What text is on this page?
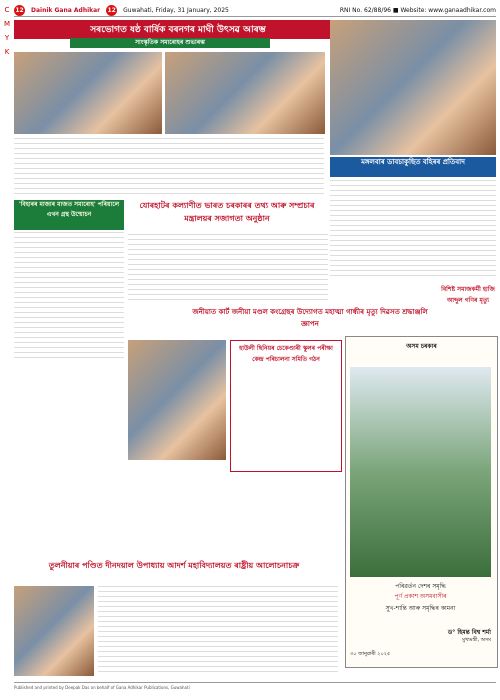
C
M
Y
K
12 Dainik Gana Adhikar 12 Guwahati, Friday, 31 January, 2025	RNI No. 62/88/96 ■ Website: www.ganaadhikar.com
সৰভোগত ষষ্ঠ বাৰ্ষিক বৰনগৰ মাঘী উৎসৱ আৰম্ভ
সাংস্কৃতিক সমাৰোহৰ শুভাৰম্ভ
মঙ্গলবাৰ ডাবচাকুছিত বহিৰৰ প্ৰতিবাদ
'বিহাৰৰ মাজাৰ মাজত সমাৰোহ' পৰিয়ালে এখন গ্ৰন্থ উন্মোচন
যোৰহাটৰ কল্যাণীত ভাৰত চৰকাৰৰ তথ্য আৰু সম্প্ৰচাৰ মন্ত্ৰালয়ৰ সজাগতা অনুষ্ঠান
বিশিষ্ট সমাজকৰ্মী হাজি আব্দুল গণিৰ মৃত্যু
জনীয়াত কাৰ্ট জনীয়া মণ্ডল কংগ্ৰেছৰ উদ্যোগত মহাত্মা গান্ধীৰ মৃত্যু দিৱসত শ্ৰদ্ধাঞ্জলি জ্ঞাপন
হাউলী ছিনিয়ৰ চেকেণ্ডাৰী স্কুলৰ পৰীক্ষা কেন্দ্ৰ পৰিচালনা সমিতি গঠন
অসম চৰকাৰ
পৰিৱৰ্তন দেশৰ সমৃদ্ধি
পূৰ্ণ প্ৰকাশ অসমবাসীৰ
সুখ-শান্তি আৰু সমৃদ্ধিৰ কামনা
ড° হিমন্ত বিশ্ব শৰ্মা
মুখ্যমন্ত্ৰী, অসম
৩০ জানুৱাৰী ২০২৫
তুলনীয়াৰ পণ্ডিত দীনদয়াল উপাধ্যায় আদৰ্শ মহাবিদ্যালয়ত ৰাষ্ট্ৰীয় আলোচনাচক্ৰ
Published and printed by Deepak Das on behalf of Gana Adhikar Publications, Guwahati
